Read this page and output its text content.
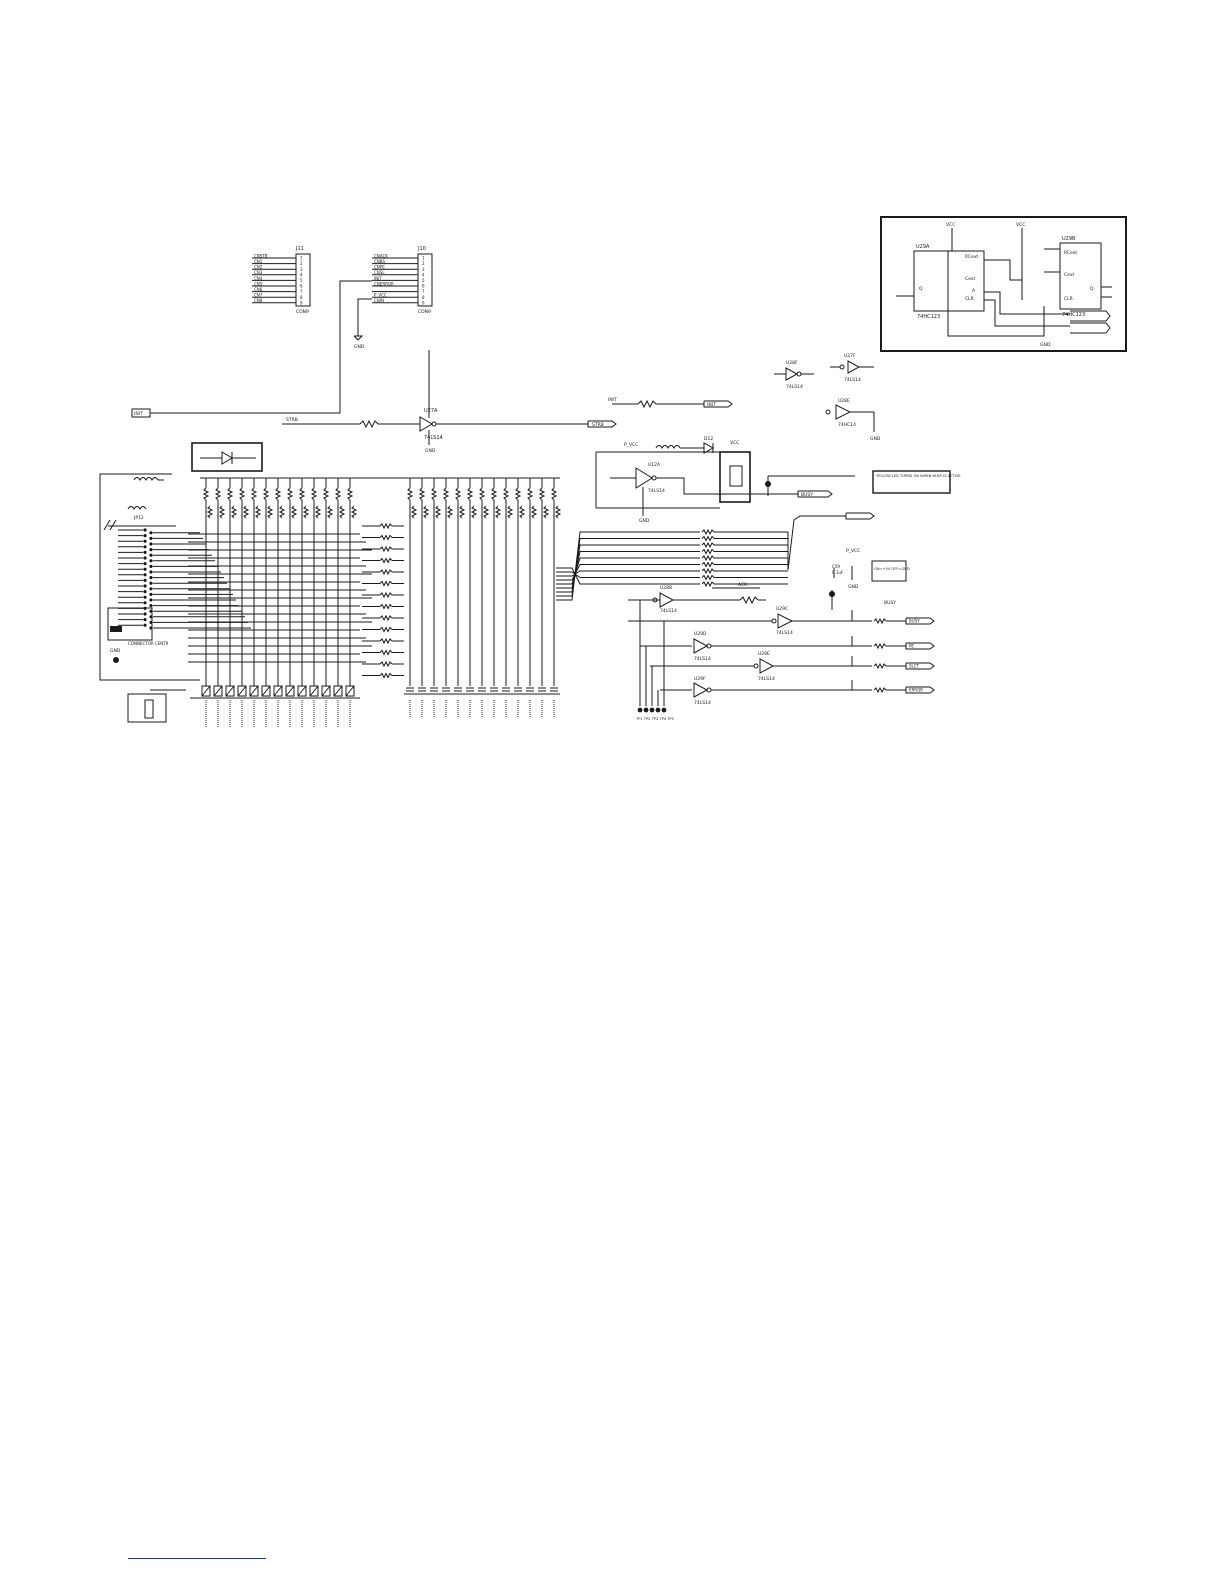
U29A
74HC123
U29B
74HC123
RCext
Cext
A
CLR
Q
RCext
Cext
CLR
Q
VCC	VCC
GND
1
CNSTB
2
CN1
3
CN2
4
CN3
5
CN4
6
CN5
7
CN6
8
CN7
9
CN8
J11
CON9
1
CNACK
2
CNBS
3
CNPE
4
CNSL
5
INIT
6
CNERROR
7
8
P_VCC
9
CNIN
J10
CON9
GND
INIT
STRB
U27A
74LS14
GND
STRB
INIT
INIT
U28F
74LS14
U27F
74LS14
U28E
74HC14
GND
D12
U12A
74LS14
P_VCC
GND
VCC
BUSY
YELLOW LED TURNS ON WHEN BUSY IS ACTIVE
JP12
CONNECTOR CENTR
GND
U28B
74LS14
ACK
U29C
74LS14
U29D
74LS14
U29E
74LS14
U29F
74LS14
P_VCC
C59
0.1uF
GND
ON=+5V OFF=GND
TP1 TP2 TP3 TP4 TP5
BUSY
BUSY
PE
SLCT
ERROR
